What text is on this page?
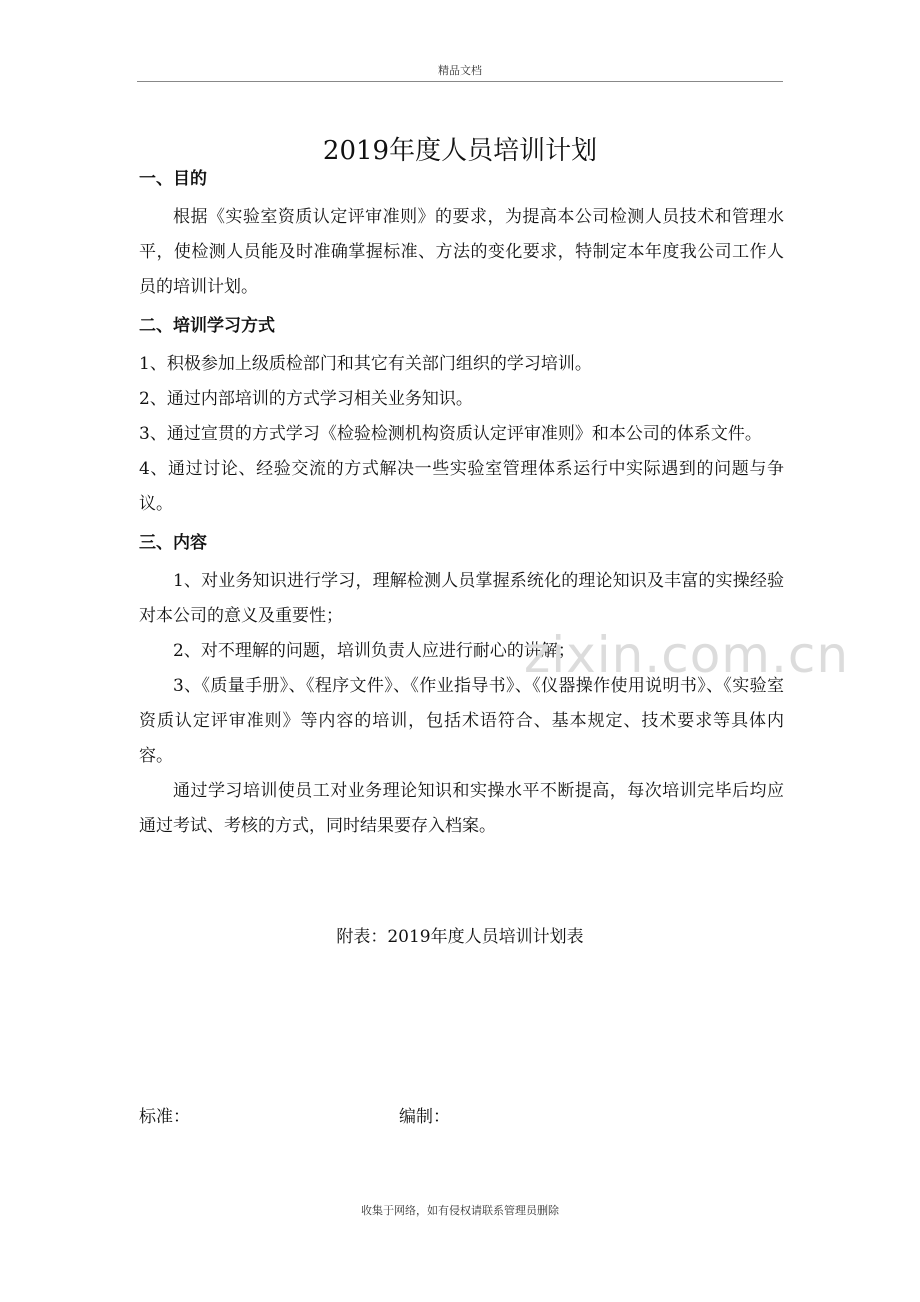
精品文档
2019年度人员培训计划
一、目的

根据《实验室资质认定评审准则》的要求，为提高本公司检测人员技术和管理水平，使检测人员能及时准确掌握标准、方法的变化要求，特制定本年度我公司工作人员的培训计划。

二、培训学习方式

1、积极参加上级质检部门和其它有关部门组织的学习培训。

2、通过内部培训的方式学习相关业务知识。

3、通过宣贯的方式学习《检验检测机构资质认定评审准则》和本公司的体系文件。

4、通过讨论、经验交流的方式解决一些实验室管理体系运行中实际遇到的问题与争议。

三、内容

1、对业务知识进行学习，理解检测人员掌握系统化的理论知识及丰富的实操经验对本公司的意义及重要性；

2、对不理解的问题，培训负责人应进行耐心的讲解；

3、《质量手册》、《程序文件》、《作业指导书》、《仪器操作使用说明书》、《实验室资质认定评审准则》等内容的培训，包括术语符合、基本规定、技术要求等具体内容。

通过学习培训使员工对业务理论知识和实操水平不断提高，每次培训完毕后均应通过考试、考核的方式，同时结果要存入档案。

附表：2019年度人员培训计划表
标准：	编制：
zixin.com.cn
收集于网络，如有侵权请联系管理员删除
